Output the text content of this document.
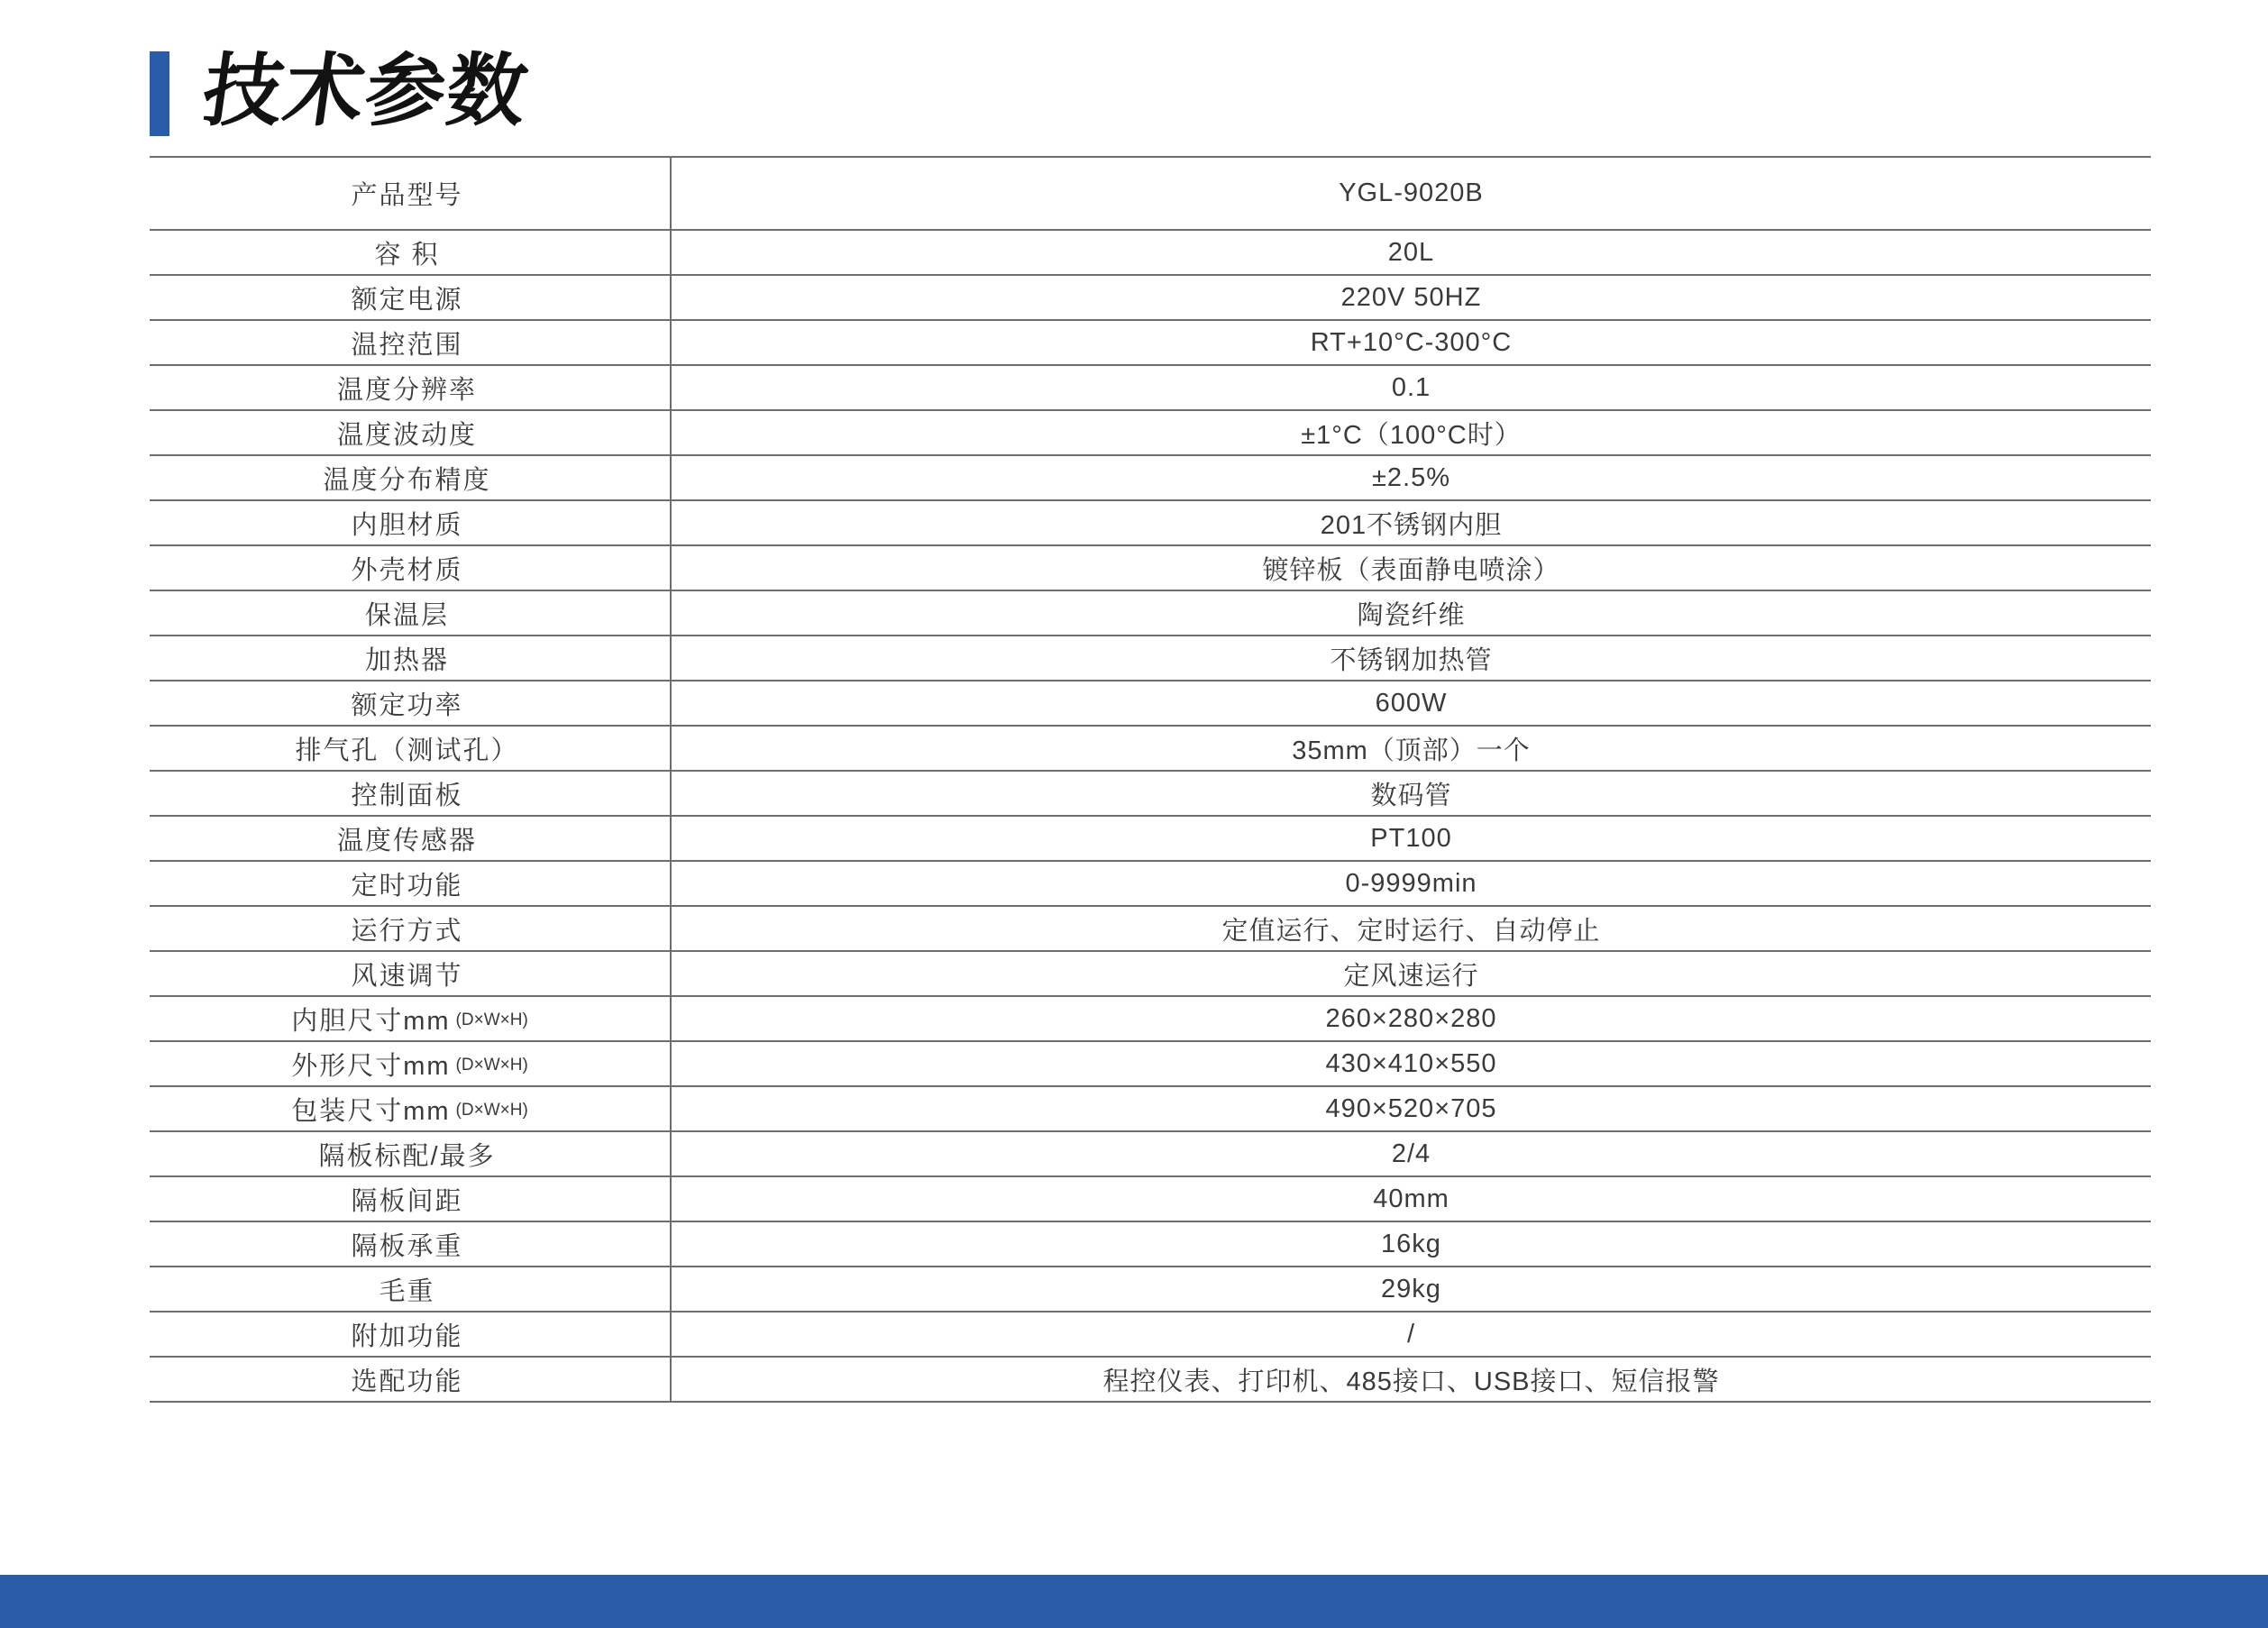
技术参数
产品型号	YGL-9020B
容 积	20L
额定电源	220V 50HZ
温控范围	RT+10°C-300°C
温度分辨率	0.1
温度波动度	±1°C（100°C时）
温度分布精度	±2.5%
内胆材质	201不锈钢内胆
外壳材质	镀锌板（表面静电喷涂）
保温层	陶瓷纤维
加热器	不锈钢加热管
额定功率	600W
排气孔（测试孔）	35mm（顶部）一个
控制面板	数码管
温度传感器	PT100
定时功能	0-9999min
运行方式	定值运行、定时运行、自动停止
风速调节	定风速运行
内胆尺寸mm (D×W×H)	260×280×280
外形尺寸mm (D×W×H)	430×410×550
包装尺寸mm (D×W×H)	490×520×705
隔板标配/最多	2/4
隔板间距	40mm
隔板承重	16kg
毛重	29kg
附加功能	/
选配功能	程控仪表、打印机、485接口、USB接口、短信报警
